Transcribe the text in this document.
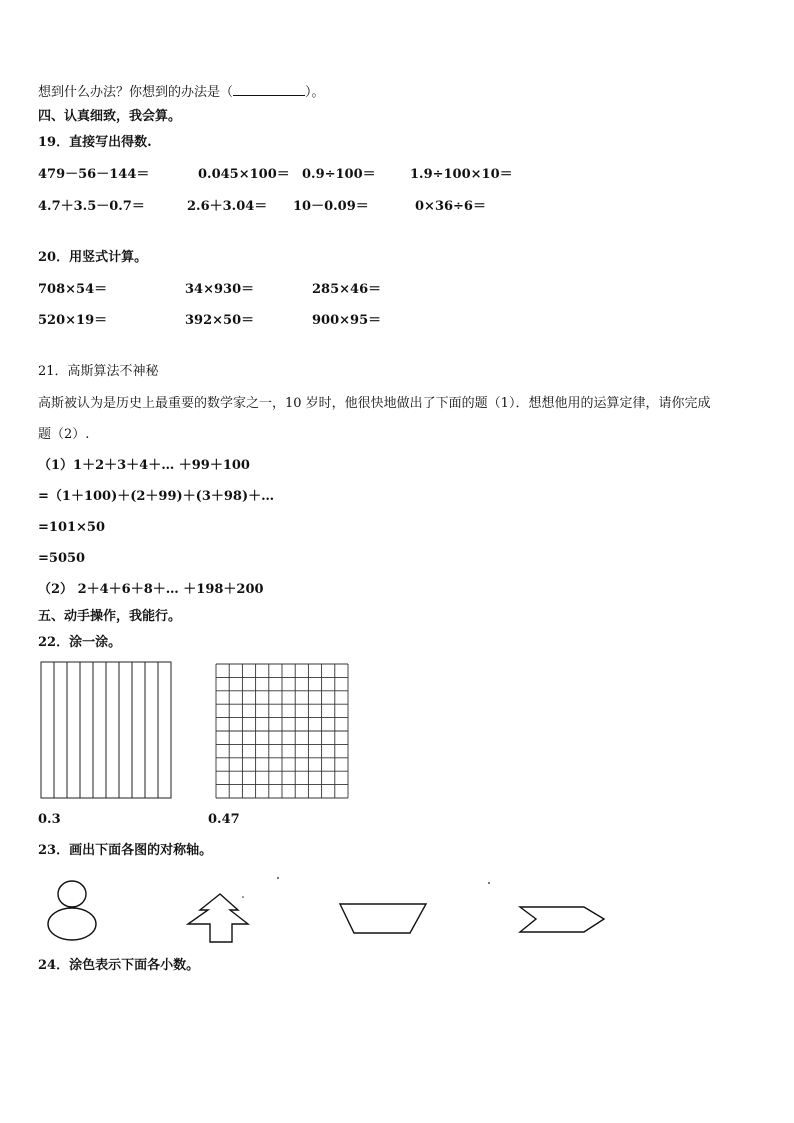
想到什么办法？你想到的办法是（	）。
四、认真细致，我会算。
19．直接写出得数.
479－56－144＝	0.045×100＝ 0.9÷100＝	1.9÷100×10＝
4.7＋3.5－0.7＝	2.6＋3.04＝ 10－0.09＝	0×36÷6＝
20．用竖式计算。
708×54＝	34×930＝	285×46＝
520×19＝	392×50＝	900×95＝
21．高斯算法不神秘
高斯被认为是历史上最重要的数学家之一，10 岁时，他很快地做出了下面的题（1）．想想他用的运算定律，请你完成
题（2）.
（1）1＋2＋3＋4＋… ＋99＋100
=（1＋100)＋(2＋99)＋(3＋98)＋…
=101×50
=5050
（2） 2＋4＋6＋8＋… ＋198＋200
五、动手操作，我能行。
22．涂一涂。
0.3	0.47
23．画出下面各图的对称轴。
24．涂色表示下面各小数。
